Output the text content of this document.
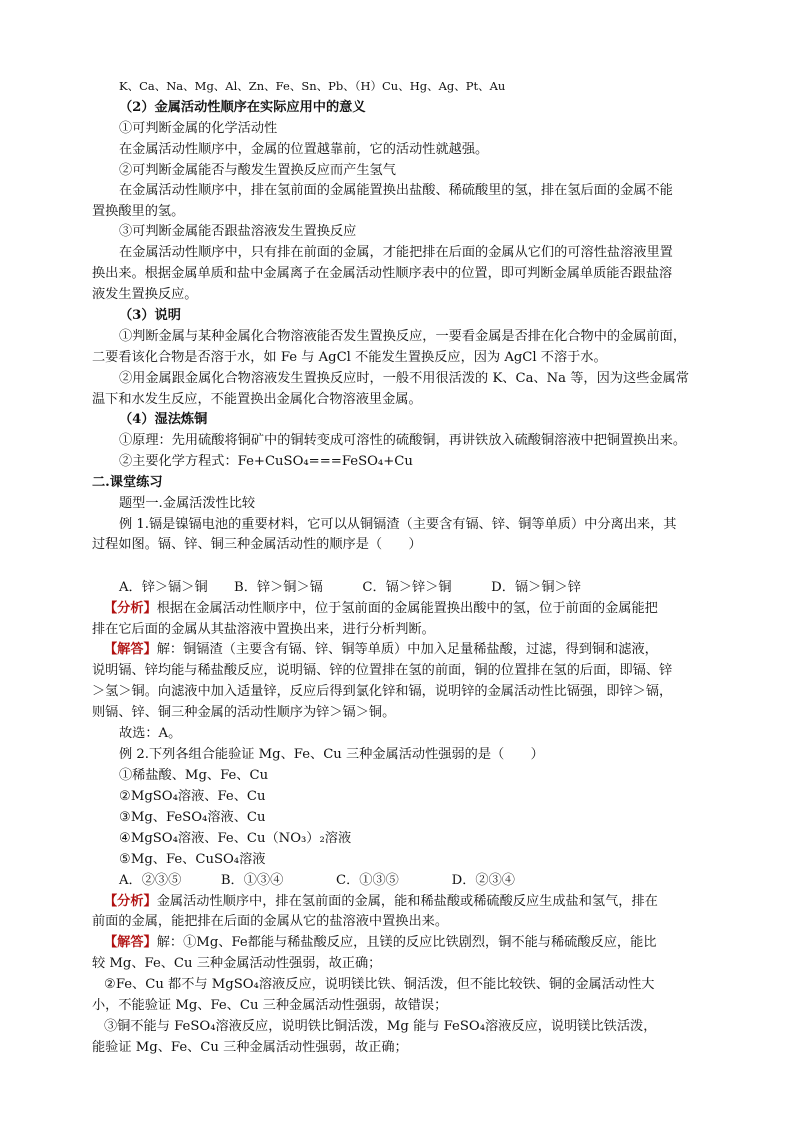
K、Ca、Na、Mg、Al、Zn、Fe、Sn、Pb、（H）Cu、Hg、Ag、Pt、Au
（2）金属活动性顺序在实际应用中的意义
①可判断金属的化学活动性
在金属活动性顺序中，金属的位置越靠前，它的活动性就越强。
②可判断金属能否与酸发生置换反应而产生氢气
在金属活动性顺序中，排在氢前面的金属能置换出盐酸、稀硫酸里的氢，排在氢后面的金属不能
置换酸里的氢。
③可判断金属能否跟盐溶液发生置换反应
在金属活动性顺序中，只有排在前面的金属，才能把排在后面的金属从它们的可溶性盐溶液里置
换出来。根据金属单质和盐中金属离子在金属活动性顺序表中的位置，即可判断金属单质能否跟盐溶
液发生置换反应。
（3）说明
①判断金属与某种金属化合物溶液能否发生置换反应，一要看金属是否排在化合物中的金属前面，
二要看该化合物是否溶于水，如 Fe 与 AgCl 不能发生置换反应，因为 AgCl 不溶于水。
②用金属跟金属化合物溶液发生置换反应时，一般不用很活泼的 K、Ca、Na 等，因为这些金属常
温下和水发生反应，不能置换出金属化合物溶液里金属。
（4）湿法炼铜
①原理：先用硫酸将铜矿中的铜转变成可溶性的硫酸铜，再讲铁放入硫酸铜溶液中把铜置换出来。
②主要化学方程式：Fe+CuSO₄===FeSO₄+Cu
二.课堂练习
题型一.金属活泼性比较
例 1.镉是镍镉电池的重要材料，它可以从铜镉渣（主要含有镉、锌、铜等单质）中分离出来，其
过程如图。镉、锌、铜三种金属活动性的顺序是（　　）
A．锌＞镉＞铜　　B．锌＞铜＞镉　　　C．镉＞锌＞铜　　　D．镉＞铜＞锌
【分析】根据在金属活动性顺序中，位于氢前面的金属能置换出酸中的氢，位于前面的金属能把
排在它后面的金属从其盐溶液中置换出来，进行分析判断。
【解答】解：铜镉渣（主要含有镉、锌、铜等单质）中加入足量稀盐酸，过滤，得到铜和滤液，
说明镉、锌均能与稀盐酸反应，说明镉、锌的位置排在氢的前面，铜的位置排在氢的后面，即镉、锌
＞氢＞铜。向滤液中加入适量锌，反应后得到氯化锌和镉，说明锌的金属活动性比镉强，即锌＞镉，
则镉、锌、铜三种金属的活动性顺序为锌＞镉＞铜。
故选：A。
例 2.下列各组合能验证 Mg、Fe、Cu 三种金属活动性强弱的是（　　）
①稀盐酸、Mg、Fe、Cu
②MgSO₄溶液、Fe、Cu
③Mg、FeSO₄溶液、Cu
④MgSO₄溶液、Fe、Cu（NO₃）₂溶液
⑤Mg、Fe、CuSO₄溶液
A．②③⑤　　　B．①③④　　　　C．①③⑤　　　　D．②③④
【分析】金属活动性顺序中，排在氢前面的金属，能和稀盐酸或稀硫酸反应生成盐和氢气，排在
前面的金属，能把排在后面的金属从它的盐溶液中置换出来。
【解答】解：①Mg、Fe都能与稀盐酸反应，且镁的反应比铁剧烈，铜不能与稀硫酸反应，能比
较 Mg、Fe、Cu 三种金属活动性强弱，故正确；
②Fe、Cu 都不与 MgSO₄溶液反应，说明镁比铁、铜活泼，但不能比较铁、铜的金属活动性大
小，不能验证 Mg、Fe、Cu 三种金属活动性强弱，故错误；
③铜不能与 FeSO₄溶液反应，说明铁比铜活泼，Mg 能与 FeSO₄溶液反应，说明镁比铁活泼，
能验证 Mg、Fe、Cu 三种金属活动性强弱，故正确；
